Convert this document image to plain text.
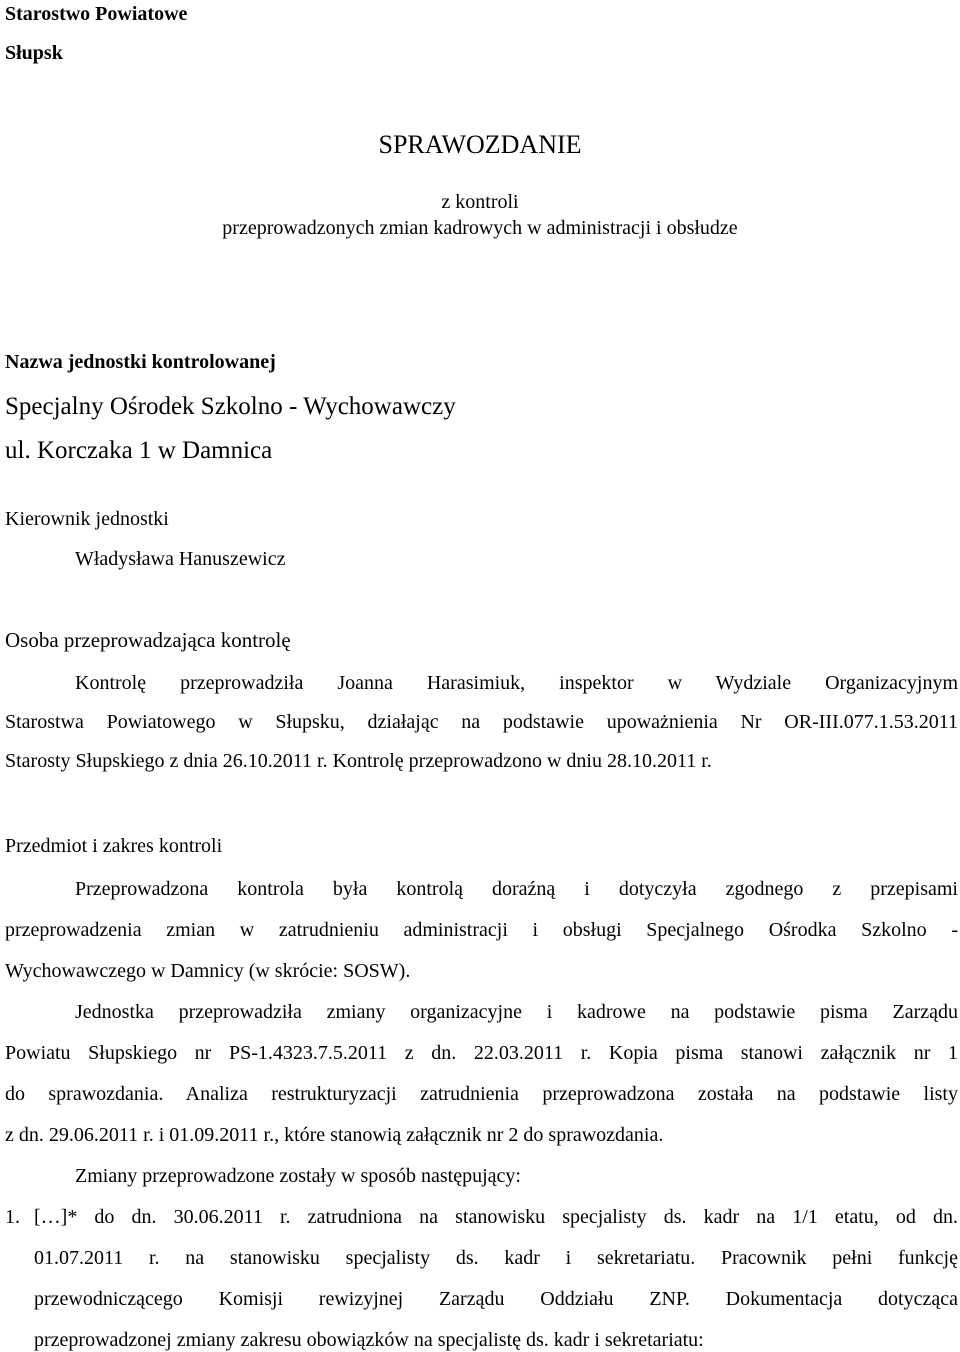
Starostwo Powiatowe
Słupsk
SPRAWOZDANIE
z kontroli
przeprowadzonych zmian kadrowych w administracji i obsłudze
Nazwa jednostki kontrolowanej
Specjalny Ośrodek Szkolno - Wychowawczy
ul. Korczaka 1 w Damnica
Kierownik jednostki
Władysława Hanuszewicz
Osoba przeprowadzająca kontrolę
Kontrolę przeprowadziła Joanna Harasimiuk, inspektor w Wydziale Organizacyjnym
Starostwa Powiatowego w Słupsku, działając na podstawie upoważnienia Nr OR-III.077.1.53.2011
Starosty Słupskiego z dnia 26.10.2011 r. Kontrolę przeprowadzono w dniu 28.10.2011 r.
Przedmiot i zakres kontroli
Przeprowadzona kontrola była kontrolą doraźną i dotyczyła zgodnego z przepisami
przeprowadzenia zmian w zatrudnieniu administracji i obsługi Specjalnego Ośrodka Szkolno -
Wychowawczego w Damnicy (w skrócie: SOSW).
Jednostka przeprowadziła zmiany organizacyjne i kadrowe na podstawie pisma Zarządu
Powiatu Słupskiego nr PS-1.4323.7.5.2011 z dn. 22.03.2011 r. Kopia pisma stanowi załącznik nr 1
do sprawozdania. Analiza restrukturyzacji zatrudnienia przeprowadzona została na podstawie listy
z dn. 29.06.2011 r. i 01.09.2011 r., które stanowią załącznik nr 2 do sprawozdania.
Zmiany przeprowadzone zostały w sposób następujący:
1. […]* do dn. 30.06.2011 r. zatrudniona na stanowisku specjalisty ds. kadr na 1/1 etatu, od dn.
01.07.2011 r. na stanowisku specjalisty ds. kadr i sekretariatu. Pracownik pełni funkcję
przewodniczącego Komisji rewizyjnej Zarządu Oddziału ZNP. Dokumentacja dotycząca
przeprowadzonej zmiany zakresu obowiązków na specjalistę ds. kadr i sekretariatu:
